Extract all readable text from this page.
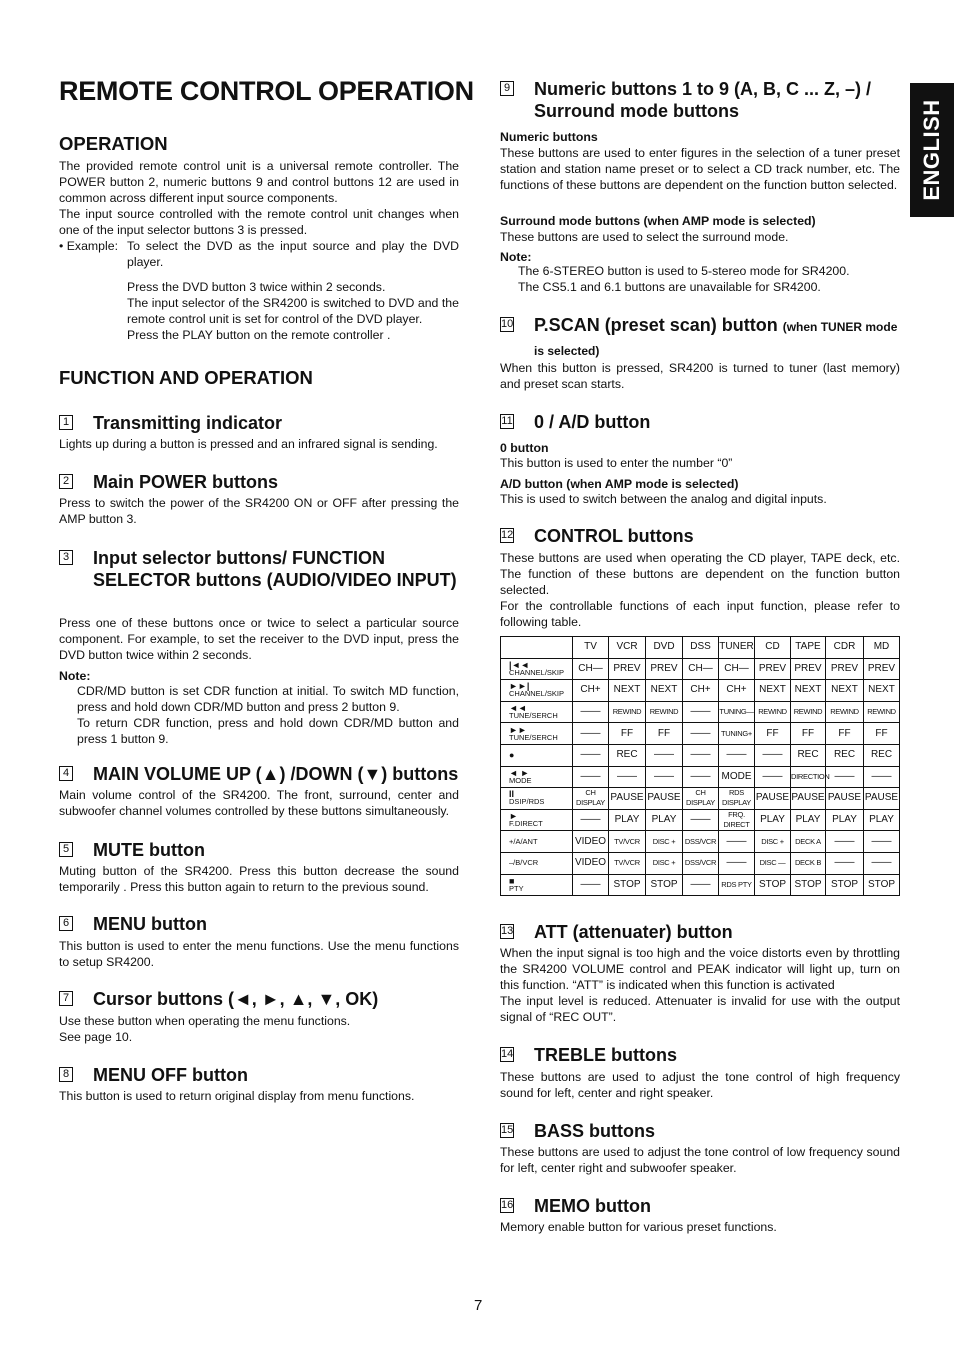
ENGLISH
REMOTE CONTROL OPERATION
OPERATION

The provided remote control unit is a universal remote controller. The POWER button 2, numeric buttons 9 and control buttons 12 are used in common across different input source components.

The input source controlled with the remote control unit changes when one of the input selector buttons 3 is pressed.

• Example: To select the DVD as the input source and play the DVD player.

Press the DVD button 3 twice within 2 seconds.

The input selector of the SR4200 is switched to DVD and the remote control unit is set for control of the DVD player.

Press the PLAY button on the remote controller .

FUNCTION AND OPERATION
1	Transmitting indicator

Lights up during a button is pressed and an infrared signal is sending.

2	Main POWER buttons

Press to switch the power of the SR4200 ON or OFF after pressing the AMP button 3.

3	Input selector buttons/ FUNCTION SELECTOR buttons (AUDIO/VIDEO INPUT)

Press one of these buttons once or twice to select a particular source component. For example, to set the receiver to the DVD input, press the DVD button twice within 2 seconds.

Note:

CDR/MD button is set CDR function at initial. To switch MD function, press and hold down CDR/MD button and press 2 button 9.
To return CDR function, press and hold down CDR/MD button and press 1 button 9.

4	MAIN VOLUME UP (▲) /DOWN (▼) buttons

Main volume control of the SR4200. The front, surround, center and subwoofer channel volumes controlled by these buttons simultaneously.

5	MUTE button

Muting button of the SR4200. Press this button decrease the sound temporarily . Press this button again to return to the previous sound.

6	MENU button

This button is used to enter the menu functions. Use the menu functions to setup SR4200.

7	Cursor buttons (◄, ►, ▲, ▼, OK)

Use these button when operating the menu functions.
See page 10.

8	MENU OFF button

This button is used to return original display from menu functions.

9	Numeric buttons 1 to 9 (A, B, C ... Z, –) / Surround mode buttons

Numeric buttons

These buttons are used to enter figures in the selection of a tuner preset station and station name preset or to select a CD track number, etc. The functions of these buttons are dependent on the function button selected.

Surround mode buttons (when AMP mode is selected)

These buttons are used to select the surround mode.

Note:

The 6-STEREO button is used to 5-stereo mode for SR4200.
The CS5.1 and 6.1 buttons are unavailable for SR4200.

10	P.SCAN (preset scan) button (when TUNER mode is selected)

When this button is pressed, SR4200 is turned to tuner (last memory) and preset scan starts.

11	0 / A/D button

0 button

This button is used to enter the number “0”

A/D button (when AMP mode is selected)

This is used to switch between the analog and digital inputs.

12	CONTROL buttons

These buttons are used when operating the CD player, TAPE deck, etc. The function of these buttons are dependent on the function button selected.
For the controllable functions of each input function, please refer to following table.

	TV	VCR	DVD	DSS	TUNER	CD	TAPE	CDR	MD

|◄◄
CHANNEL/SKIP	CH—	PREV	PREV	CH—	CH—	PREV	PREV	PREV	PREV

►►|
CHANNEL/SKIP	CH+	NEXT	NEXT	CH+	CH+	NEXT	NEXT	NEXT	NEXT

◄◄
TUNE/SERCH	——	REWIND	REWIND	——	TUNING—	REWIND	REWIND	REWIND	REWIND

►►
TUNE/SERCH	——	FF	FF	——	TUNING+	FF	FF	FF	FF

●	——	REC	——	——	——	——	REC	REC	REC

◄ ►
MODE	——	——	——	——	MODE	——	DIRECTION	——	——

II
DSIP/RDS	CH DISPLAY	PAUSE	PAUSE	CH DISPLAY	RDS DISPLAY	PAUSE	PAUSE	PAUSE	PAUSE

►
F.DIRECT	——	PLAY	PLAY	——	FRQ. DIRECT	PLAY	PLAY	PLAY	PLAY

+/A/ANT	VIDEO	TV/VCR	DISC +	DSS/VCR	——	DISC +	DECK A	——	——

–/B/VCR	VIDEO	TV/VCR	DISC +	DSS/VCR	——	DISC —	DECK B	——	——

■
PTY	——	STOP	STOP	——	RDS PTY	STOP	STOP	STOP	STOP
13	ATT (attenuater) button

When the input signal is too high and the voice distorts even by throttling the SR4200 VOLUME control and PEAK indicator will light up, turn on this function. “ATT” is indicated when this function is activated
The input level is reduced. Attenuater is invalid for use with the output signal of “REC OUT”.

14	TREBLE buttons

These buttons are used to adjust the tone control of high frequency sound for left, center and right speaker.

15	BASS buttons

These buttons are used to adjust the tone control of low frequency sound for left, center right and subwoofer speaker.

16	MEMO button

Memory enable button for various preset functions.

7
